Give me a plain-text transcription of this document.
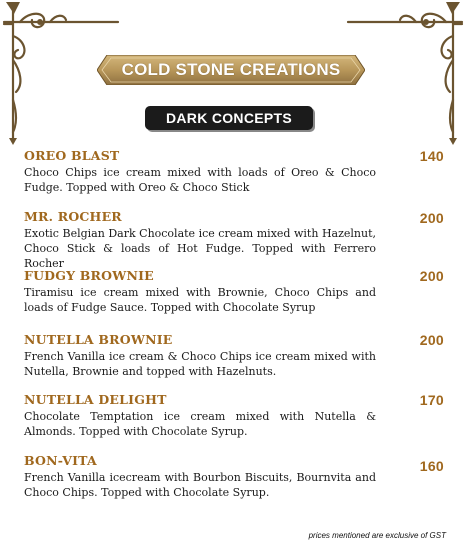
COLD STONE CREATIONS
DARK CONCEPTS

OREO BLAST	140

Choco Chips ice cream mixed with loads of Oreo & Choco Fudge. Topped with Oreo & Choco Stick

MR. ROCHER	200

Exotic Belgian Dark Chocolate ice cream mixed with Hazelnut, Choco Stick & loads of Hot Fudge. Topped with Ferrero Rocher

FUDGY BROWNIE	200

Tiramisu ice cream mixed with Brownie, Choco Chips and loads of Fudge Sauce. Topped with Chocolate Syrup

NUTELLA BROWNIE	200

French Vanilla ice cream & Choco Chips ice cream mixed with Nutella, Brownie and topped with Hazelnuts.

NUTELLA DELIGHT	170

Chocolate Temptation ice cream mixed with Nutella & Almonds. Topped with Chocolate Syrup.

BON-VITA	160

French Vanilla icecream with Bourbon Biscuits, Bournvita and Choco Chips. Topped with Chocolate Syrup.

prices mentioned are exclusive of GST
